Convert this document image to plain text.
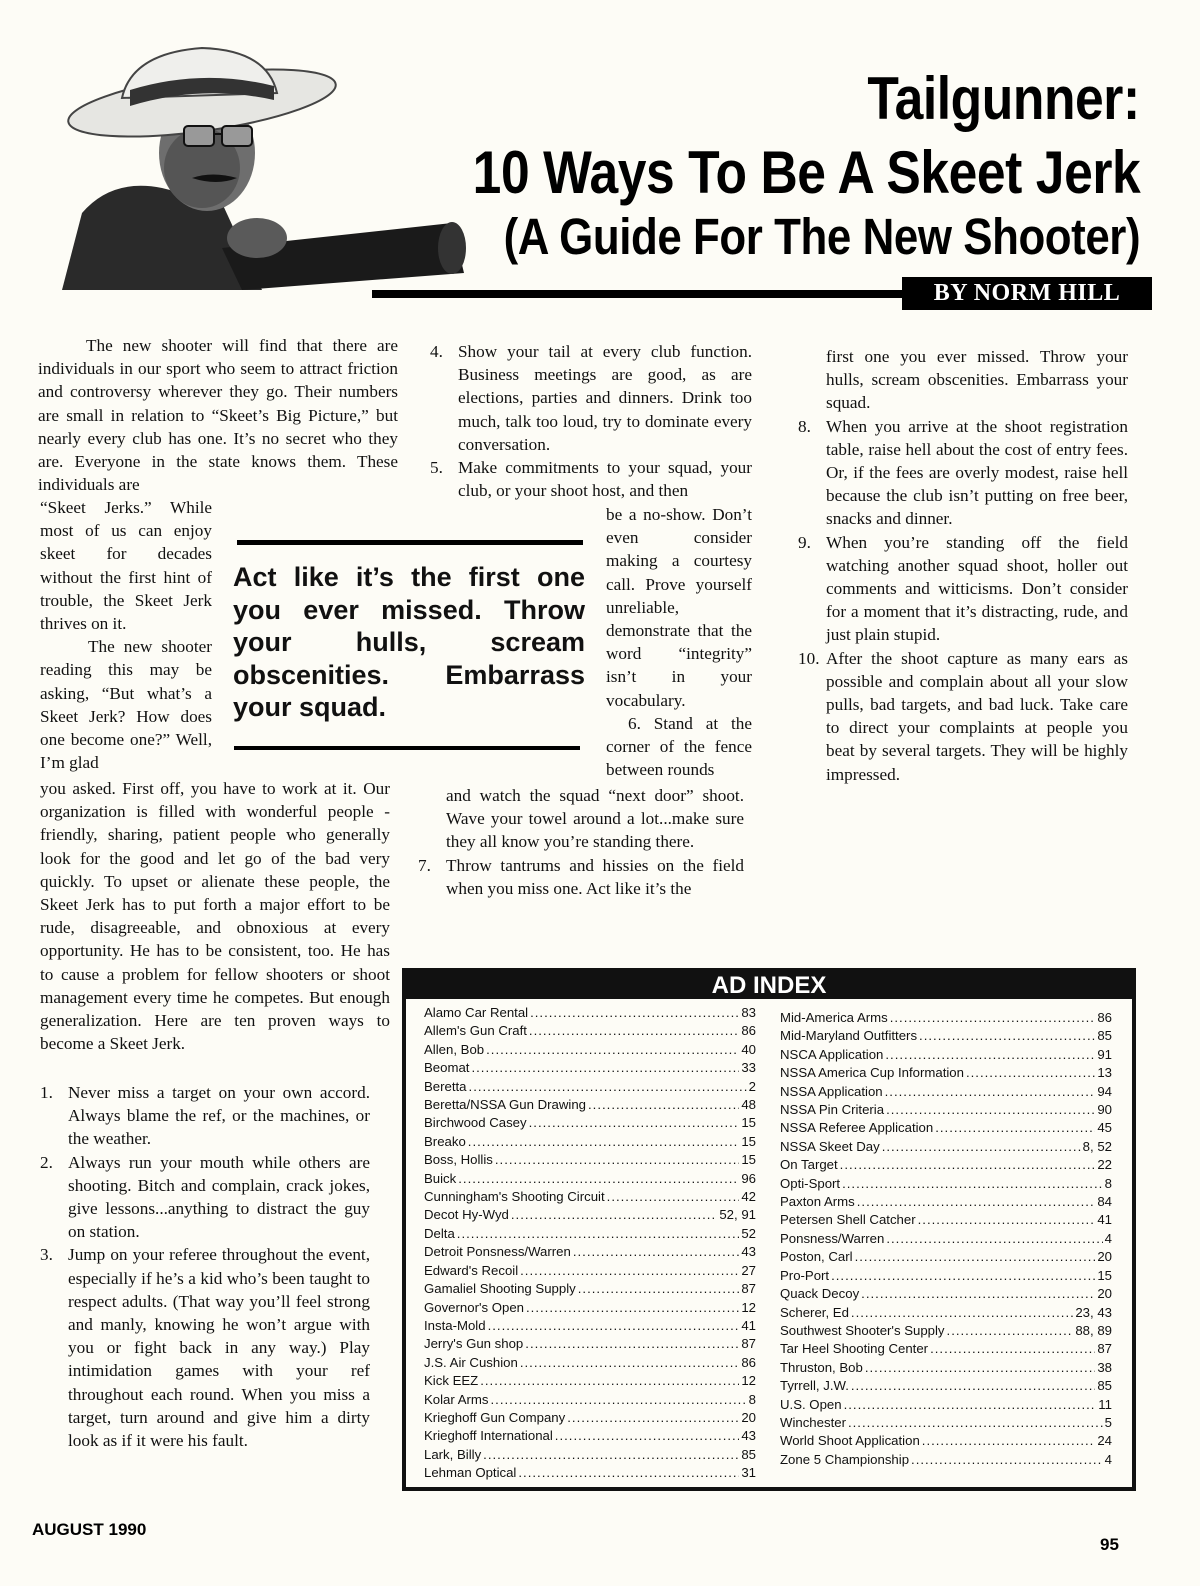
Tailgunner:
10 Ways To Be A Skeet Jerk
(A Guide For The New Shooter)
BY NORM HILL

The new shooter will find that there are individuals in our sport who seem to attract friction and controversy wherever they go. Their numbers are small in relation to “Skeet’s Big Picture,” but nearly every club has one. It’s no secret who they are. Everyone in the state knows them. These individuals are

“Skeet Jerks.” While most of us can enjoy skeet for decades without the first hint of trouble, the Skeet Jerk thrives on it.

The new shooter reading this may be asking, “But what’s a Skeet Jerk? How does one become one?” Well, I’m glad

you asked. First off, you have to work at it. Our organization is filled with wonderful people - friendly, sharing, patient people who generally look for the good and let go of the bad very quickly. To upset or alienate these people, the Skeet Jerk has to put forth a major effort to be rude, disagreeable, and obnoxious at every opportunity. He has to be consistent, too. He has to cause a problem for fellow shooters or shoot management every time he competes. But enough generalization. Here are ten proven ways to become a Skeet Jerk.

1. Never miss a target on your own accord. Always blame the ref, or the machines, or the weather.
2. Always run your mouth while others are shooting. Bitch and complain, crack jokes, give lessons...anything to distract the guy on station.
3. Jump on your referee throughout the event, especially if he’s a kid who’s been taught to respect adults. (That way you’ll feel strong and manly, knowing he won’t argue with you or fight back in any way.) Play intimidation games with your ref throughout each round. When you miss a target, turn around and give him a dirty look as if it were his fault.
4. Show your tail at every club function. Business meetings are good, as are elections, parties and dinners. Drink too much, talk too loud, try to dominate every conversation.
5. Make commitments to your squad, your club, or your shoot host, and then

be a no-show. Don’t even consider making a courtesy call. Prove yourself unreliable, demonstrate that the word “integrity” isn’t in your vocabulary.

6. Stand at the corner of the fence between rounds

and watch the squad “next door” shoot. Wave your towel around a lot...make sure they all know you’re standing there.

7. Throw tantrums and hissies on the field when you miss one. Act like it’s the

Act like it’s the first one you ever missed. Throw your hulls, scream obscenities. Embarrass your squad.

first one you ever missed. Throw your hulls, scream obscenities. Embarrass your squad.

8. When you arrive at the shoot registration table, raise hell about the cost of entry fees. Or, if the fees are overly modest, raise hell because the club isn’t putting on free beer, snacks and dinner.
9. When you’re standing off the field watching another squad shoot, holler out comments and witticisms. Don’t consider for a moment that it’s distracting, rude, and just plain stupid.
10. After the shoot capture as many ears as possible and complain about all your slow pulls, bad targets, and bad luck. Take care to direct your complaints at people you beat by several targets. They will be highly impressed.
AD INDEX
Alamo Car Rental .....	83
Allem's Gun Craft .....	86
Allen, Bob .....	40
Beomat .....	33
Beretta .....	2
Beretta/NSSA Gun Drawing .....	48
Birchwood Casey .....	15
Breako .....	15
Boss, Hollis .....	15
Buick .....	96
Cunningham's Shooting Circuit .....	42
Decot Hy-Wyd .....	52, 91
Delta .....	52
Detroit Ponsness/Warren .....	43
Edward's Recoil .....	27
Gamaliel Shooting Supply .....	87
Governor's Open .....	12
Insta-Mold .....	41
Jerry's Gun shop .....	87
J.S. Air Cushion .....	86
Kick EEZ .....	12
Kolar Arms .....	8
Krieghoff Gun Company .....	20
Krieghoff International .....	43
Lark, Billy .....	85
Lehman Optical .....	31
Mid-America Arms .....	86
Mid-Maryland Outfitters .....	85
NSCA Application .....	91
NSSA America Cup Information .....	13
NSSA Application .....	94
NSSA Pin Criteria .....	90
NSSA Referee Application .....	45
NSSA Skeet Day .....	8, 52
On Target .....	22
Opti-Sport .....	8
Paxton Arms .....	84
Petersen Shell Catcher .....	41
Ponsness/Warren .....	4
Poston, Carl .....	20
Pro-Port .....	15
Quack Decoy .....	20
Scherer, Ed .....	23, 43
Southwest Shooter's Supply .....	88, 89
Tar Heel Shooting Center .....	87
Thruston, Bob .....	38
Tyrrell, J.W. .....	85
U.S. Open .....	11
Winchester .....	5
World Shoot Application .....	24
Zone 5 Championship .....	4
AUGUST 1990
95
